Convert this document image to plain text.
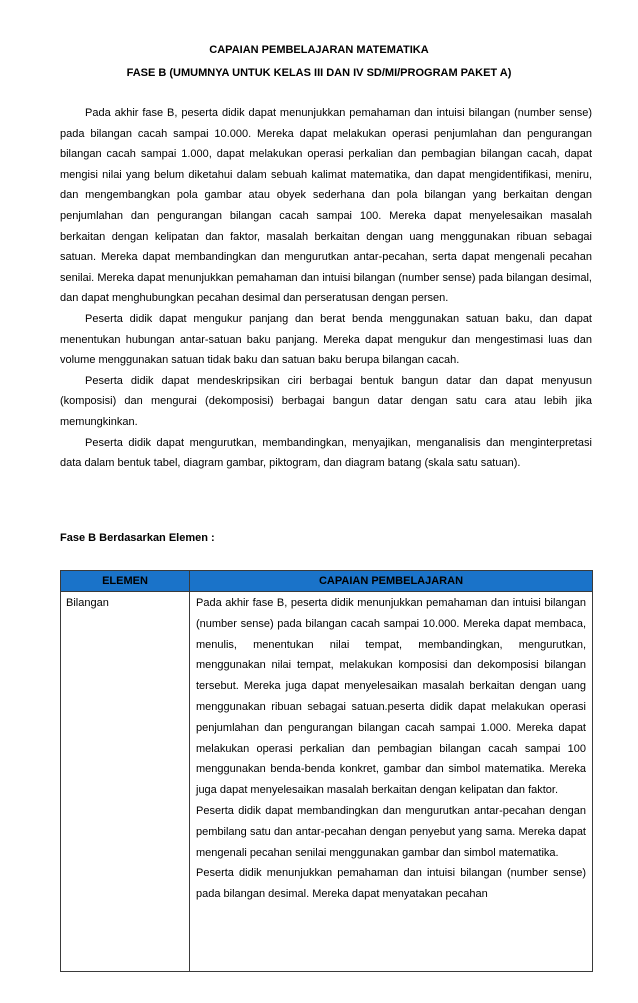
CAPAIAN PEMBELAJARAN MATEMATIKA
FASE B (UMUMNYA UNTUK KELAS III DAN IV SD/MI/PROGRAM PAKET A)

Pada akhir fase B, peserta didik dapat menunjukkan pemahaman dan intuisi bilangan (number sense) pada bilangan cacah sampai 10.000. Mereka dapat melakukan operasi penjumlahan dan pengurangan bilangan cacah sampai 1.000, dapat melakukan operasi perkalian dan pembagian bilangan cacah, dapat mengisi nilai yang belum diketahui dalam sebuah kalimat matematika, dan dapat mengidentifikasi, meniru, dan mengembangkan pola gambar atau obyek sederhana dan pola bilangan yang berkaitan dengan penjumlahan dan pengurangan bilangan cacah sampai 100. Mereka dapat menyelesaikan masalah berkaitan dengan kelipatan dan faktor, masalah berkaitan dengan uang menggunakan ribuan sebagai satuan. Mereka dapat membandingkan dan mengurutkan antar-pecahan, serta dapat mengenali pecahan senilai. Mereka dapat menunjukkan pemahaman dan intuisi bilangan (number sense) pada bilangan desimal, dan dapat menghubungkan pecahan desimal dan perseratusan dengan persen.

Peserta didik dapat mengukur panjang dan berat benda menggunakan satuan baku, dan dapat menentukan hubungan antar-satuan baku panjang. Mereka dapat mengukur dan mengestimasi luas dan volume menggunakan satuan tidak baku dan satuan baku berupa bilangan cacah.

Peserta didik dapat mendeskripsikan ciri berbagai bentuk bangun datar dan dapat menyusun (komposisi) dan mengurai (dekomposisi) berbagai bangun datar dengan satu cara atau lebih jika memungkinkan.

Peserta didik dapat mengurutkan, membandingkan, menyajikan, menganalisis dan menginterpretasi data dalam bentuk tabel, diagram gambar, piktogram, dan diagram batang (skala satu satuan).

Fase B Berdasarkan Elemen :
ELEMEN	CAPAIAN PEMBELAJARAN

Bilangan	Pada akhir fase B, peserta didik menunjukkan pemahaman dan intuisi bilangan (number sense) pada bilangan cacah sampai 10.000. Mereka dapat membaca, menulis, menentukan nilai tempat, membandingkan, mengurutkan, menggunakan nilai tempat, melakukan komposisi dan dekomposisi bilangan tersebut. Mereka juga dapat menyelesaikan masalah berkaitan dengan uang menggunakan ribuan sebagai satuan.peserta didik dapat melakukan operasi penjumlahan dan pengurangan bilangan cacah sampai 1.000. Mereka dapat melakukan operasi perkalian dan pembagian bilangan cacah sampai 100 menggunakan benda-benda konkret, gambar dan simbol matematika. Mereka juga dapat menyelesaikan masalah berkaitan dengan kelipatan dan faktor.

Peserta didik dapat membandingkan dan mengurutkan antar-pecahan dengan pembilang satu dan antar-pecahan dengan penyebut yang sama. Mereka dapat mengenali pecahan senilai menggunakan gambar dan simbol matematika.

Peserta didik menunjukkan pemahaman dan intuisi bilangan (number sense) pada bilangan desimal. Mereka dapat menyatakan pecahan
